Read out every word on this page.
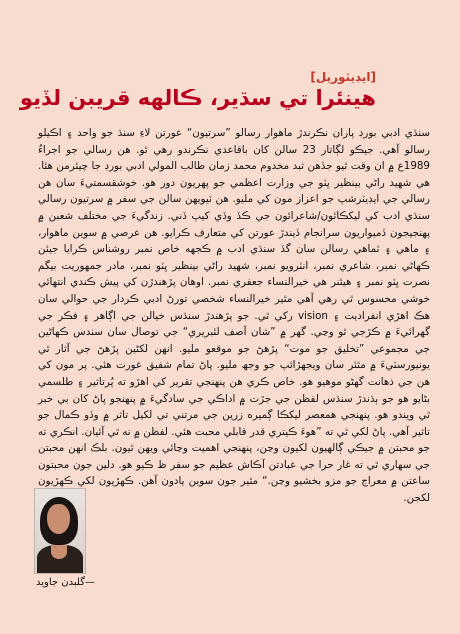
[ايڊيٽوريل]
هينئرا تي سڌير، ڪالهه قريبن لڏيو
سنڌي ادبي بورڊ پاران نڪرندڙ ماهوار رسالو ”سرتيون“ عورتن لاءِ سنڌ جو واحد ۽ اڪيلو رسالو آهي. جيڪو لڳاتار 23 سالن کان باقاعدي نڪرندو رهي ٿو. هن رسالي جو اجراءُ 1989ع ۾ ان وقت ٿيو جڏهن ثبد مخدوم محمد زمان طالب المولي ادبي بورڊ جا چيئرمن هئا. هي شهيد راڻي بينظير ڀٽو جي وزارت اعظمي جو پهريون دور هو. خوشقسمتيءَ سان هن رسالي جي ايڊيٽرشپ جو اعزاز مون کي مليو. هن ٽيويهن سالن جي سفر ۾ سرتيون رسالي سنڌي ادب کي ليکڪائون/شاعرائون جي ڪڏ وڏي کيپ ڏني. زندگيءَ جي مختلف شعبن ۾ پهنجيجون ڏميواريون سرانجام ڏيندڙ عورتن کي متعارف ڪرايو. هن عرصي ۾ سوين ماهوار، ۽ ماهي ۽ ٽماهي رسالن سان گڏ سنڌي ادب ۾ ڪجهه خاص نمبر روشناس ڪرايا جيئن ڪهاڻي نمبر، شاعري نمبر، انٽرويو نمبر، شهيد راڻي بينظير ڀٽو نمبر، مادر جمهوريت بيگم نصرت ڀٽو نمبر ۽ هيئنر هي خيرالنساء جعفري نمبر. اوهان پڙهندڙن کي پيش ڪندي انتهائي خوشي محسوس ٿي رهي آهي مٿير خيرالنساء شخصي تورڻ ادبي ڪردار جي حوالي سان هڪ اهڙي انفراديت ۽ vision رکي ٿي. جو پڙهندڙ سنڌس خيالن جي اڳاهر ۽ فڪر جي گهرائيءَ ۾ ڪڙجي ٿو وڃي. گهر ۾ ”شان آصف لئبريري“ جي توصال سان سندس ڪهاڻين جي مجموعي ”تخليق جو موت“ پڙهڻ جو موقعو مليو. انهن لکڻين پڙهڻ جي آثار ٿي يونيورسٽيءَ ۾ مٿئر سان ويجهڙائپ جو وجھ مليو. پاڻ تمام شفيق عورت هئي. پر مون کي هن جي ذهانت گهڻو موهيو هو. خاص ڪري هن پنهنجي تقرير کي اهڙو ته پُرتاثير ۽ طلسمي بڻايو هو جو ٻڌندڙ سنڌس لفظن جي جڙت ۾ اداڪي جي سادگيءَ ۾ پنهنجو پاڻ کان بي خبر ٿي ويندو هو. پنهنجي همعصر ليکڪا ڳميره زرين جي مرتني تي لکيل تاثر ۾ وڏو ڪمال جو تاثير آهي. پاڻ لکي ٿي ته ”هوءَ ڪيتري قدر قابلي محبت هئي. لفظن ۾ نه ٿي آئيان. انڪري ته جو محبتن ۾ جيڪي ڳالهيون لکيون وڃن، پنهنجي اهميت وڃائي ويهن ٿيون. بلڪ انهن محبتن جي سهاري ٿي ته غار حرا جي عبادتن آڪاش عظيم جو سفر ظ ڪيو هو. دلين جون محبتون ساعتن ۾ معراج جو مزو بخشيو وڃن.“ مٿير جون سوين يادون آهن. ڪهڙيون لکي ڪهڙيون لکجن.
—گلبدن جاويد
